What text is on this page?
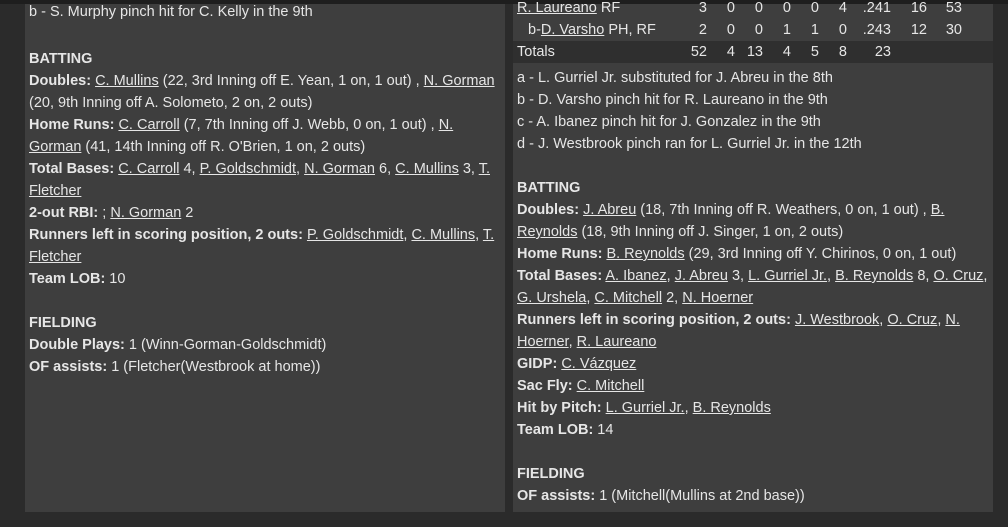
b - S. Murphy pinch hit for C. Kelly in the 9th
BATTING
Doubles: C. Mullins (22, 3rd Inning off E. Yean, 1 on, 1 out) , N. Gorman (20, 9th Inning off A. Solometo, 2 on, 2 outs)
Home Runs: C. Carroll (7, 7th Inning off J. Webb, 0 on, 1 out) , N. Gorman (41, 14th Inning off R. O'Brien, 1 on, 2 outs)
Total Bases: C. Carroll 4, P. Goldschmidt, N. Gorman 6, C. Mullins 3, T. Fletcher
2-out RBI: ; N. Gorman 2
Runners left in scoring position, 2 outs: P. Goldschmidt, C. Mullins, T. Fletcher
Team LOB: 10
FIELDING
Double Plays: 1 (Winn-Gorman-Goldschmidt)
OF assists: 1 (Fletcher(Westbrook at home))
R. Laureano RF	3	0	0	0	0	4	.241	16	53	
b-D. Varsho PH, RF	2	0	0	1	1	0	.243	12	30	
Totals	52	4	13	4	5	8	23			
a - L. Gurriel Jr. substituted for J. Abreu in the 8th
b - D. Varsho pinch hit for R. Laureano in the 9th
c - A. Ibanez pinch hit for J. Gonzalez in the 9th
d - J. Westbrook pinch ran for L. Gurriel Jr. in the 12th
BATTING
Doubles: J. Abreu (18, 7th Inning off R. Weathers, 0 on, 1 out) , B. Reynolds (18, 9th Inning off J. Singer, 1 on, 2 outs)
Home Runs: B. Reynolds (29, 3rd Inning off Y. Chirinos, 0 on, 1 out)
Total Bases: A. Ibanez, J. Abreu 3, L. Gurriel Jr., B. Reynolds 8, O. Cruz, G. Urshela, C. Mitchell 2, N. Hoerner
Runners left in scoring position, 2 outs: J. Westbrook, O. Cruz, N. Hoerner, R. Laureano
GIDP: C. Vázquez
Sac Fly: C. Mitchell
Hit by Pitch: L. Gurriel Jr., B. Reynolds
Team LOB: 14
FIELDING
OF assists: 1 (Mitchell(Mullins at 2nd base))
